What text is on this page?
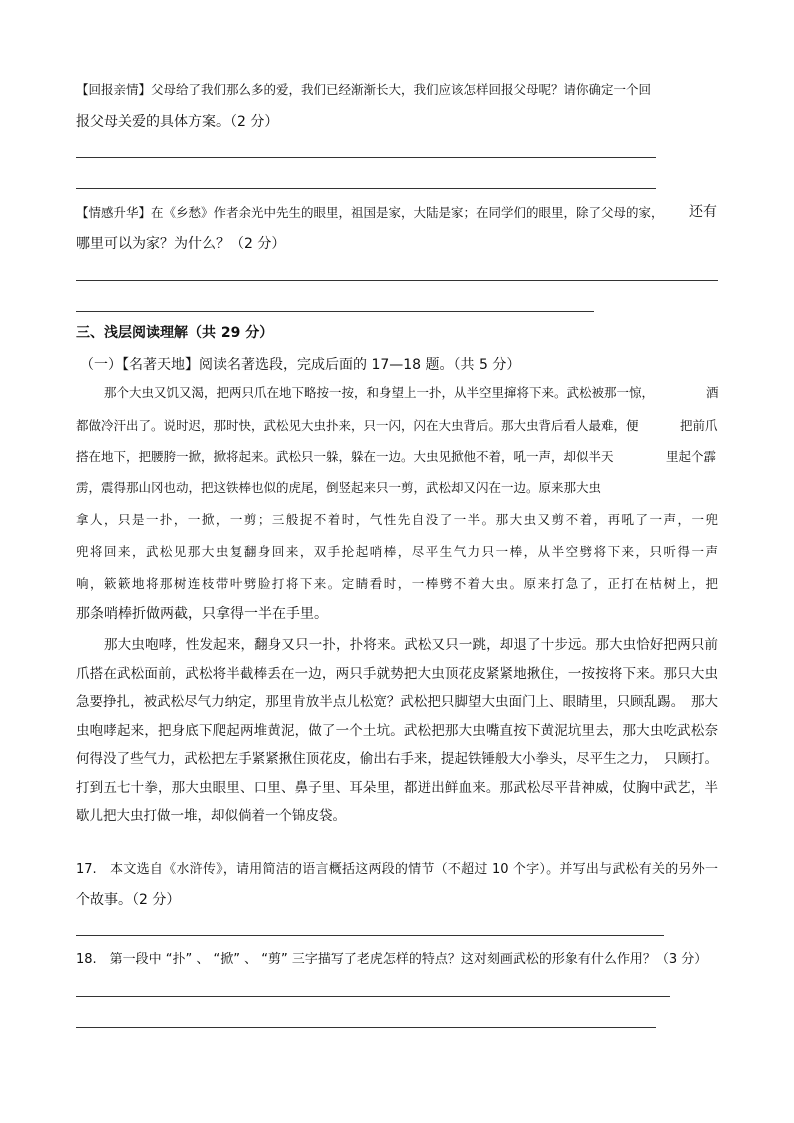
【回报亲情】父母给了我们那么多的爱，我们已经渐渐长大，我们应该怎样回报父母呢？请你确定一个回
报父母关爱的具体方案。（2 分）
【情感升华】在《乡愁》作者余光中先生的眼里，祖国是家，大陆是家；在同学们的眼里，除了父母的家， 还有
哪里可以为家？为什么？（2 分）
三、浅层阅读理解（共 29 分）
（一）【名著天地】阅读名著选段，完成后面的 17—18 题。（共 5 分）
那个大虫又饥又渴，把两只爪在地下略按一按，和身望上一扑，从半空里撺将下来。武松被那一惊，	酒
都做冷汗出了。说时迟，那时快，武松见大虫扑来，只一闪，闪在大虫背后。那大虫背后看人最难，便	把前爪
搭在地下，把腰胯一掀，掀将起来。武松只一躲，躲在一边。大虫见掀他不着，吼一声，却似半天	里起个霹
雳，震得那山冈也动，把这铁棒也似的虎尾，倒竖起来只一剪，武松却又闪在一边。原来那大虫
拿人，只是一扑，一掀，一剪；三般捉不着时，气性先自没了一半。那大虫又剪不着，再吼了一声，一兜
兜将回来，武松见那大虫复翻身回来，双手抡起哨棒，尽平生气力只一棒，从半空劈将下来，只听得一声
响，簌簌地将那树连枝带叶劈脸打将下来。定睛看时，一棒劈不着大虫。原来打急了，正打在枯树上，把
那条哨棒折做两截，只拿得一半在手里。
那大虫咆哮，性发起来，翻身又只一扑，扑将来。武松又只一跳，却退了十步远。那大虫恰好把两只前爪搭在武松面前，武松将半截棒丢在一边，两只手就势把大虫顶花皮紧紧地揪住，一按按将下来。那只大虫急要挣扎，被武松尽气力纳定，那里肯放半点儿松宽？武松把只脚望大虫面门上、眼睛里，只顾乱踢。　那大虫咆哮起来，把身底下爬起两堆黄泥，做了一个土坑。武松把那大虫嘴直按下黄泥坑里去，那大虫吃武松奈何得没了些气力，武松把左手紧紧揪住顶花皮，偷出右手来，提起铁锤般大小拳头，尽平生之力，　只顾打。打到五七十拳，那大虫眼里、口里、鼻子里、耳朵里，都迸出鲜血来。那武松尽平昔神威，仗胸中武艺，半歇儿把大虫打做一堆，却似倘着一个锦皮袋。
17.　本文选自《水浒传》，请用简洁的语言概括这两段的情节（不超过 10 个字）。并写出与武松有关的另外一
个故事。（2 分）
18.　第一段中 “扑” 、 “掀” 、 “剪” 三字描写了老虎怎样的特点？这对刻画武松的形象有什么作用？（3 分）
